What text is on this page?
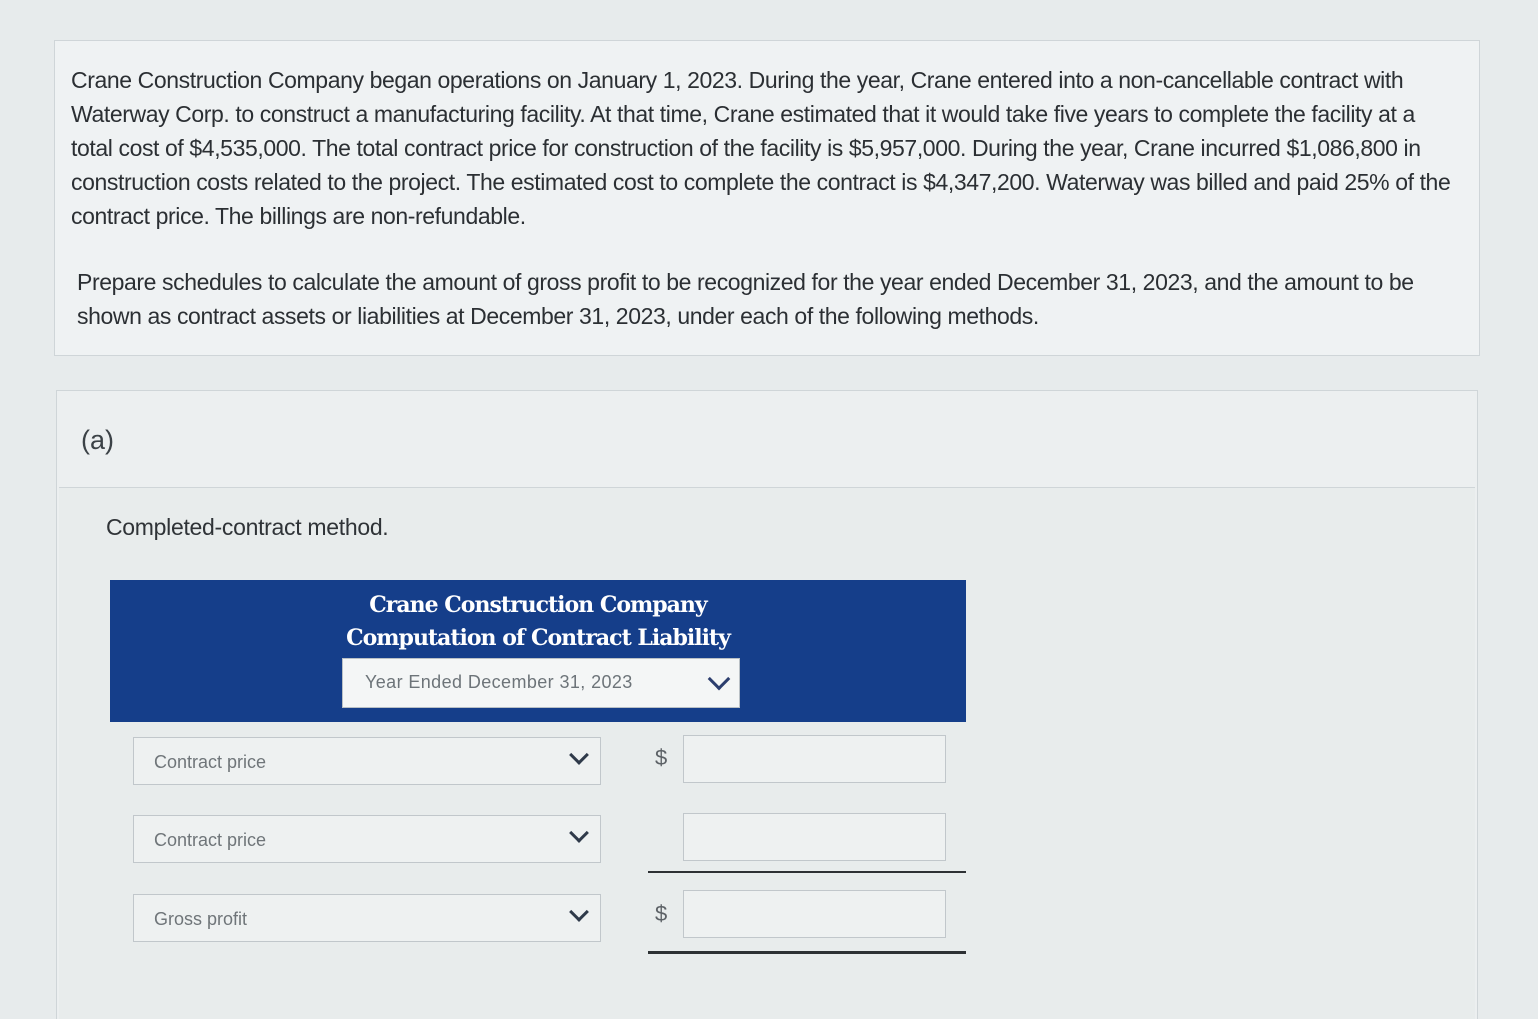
Crane Construction Company began operations on January 1, 2023. During the year, Crane entered into a non-cancellable contract with Waterway Corp. to construct a manufacturing facility. At that time, Crane estimated that it would take five years to complete the facility at a total cost of $4,535,000. The total contract price for construction of the facility is $5,957,000. During the year, Crane incurred $1,086,800 in construction costs related to the project. The estimated cost to complete the contract is $4,347,200. Waterway was billed and paid 25% of the contract price. The billings are non-refundable.

Prepare schedules to calculate the amount of gross profit to be recognized for the year ended December 31, 2023, and the amount to be shown as contract assets or liabilities at December 31, 2023, under each of the following methods.

(a)
Completed-contract method.
Crane Construction Company
Computation of Contract Liability
Year Ended December 31, 2023
Contract price	$
Contract price
Gross profit	$
